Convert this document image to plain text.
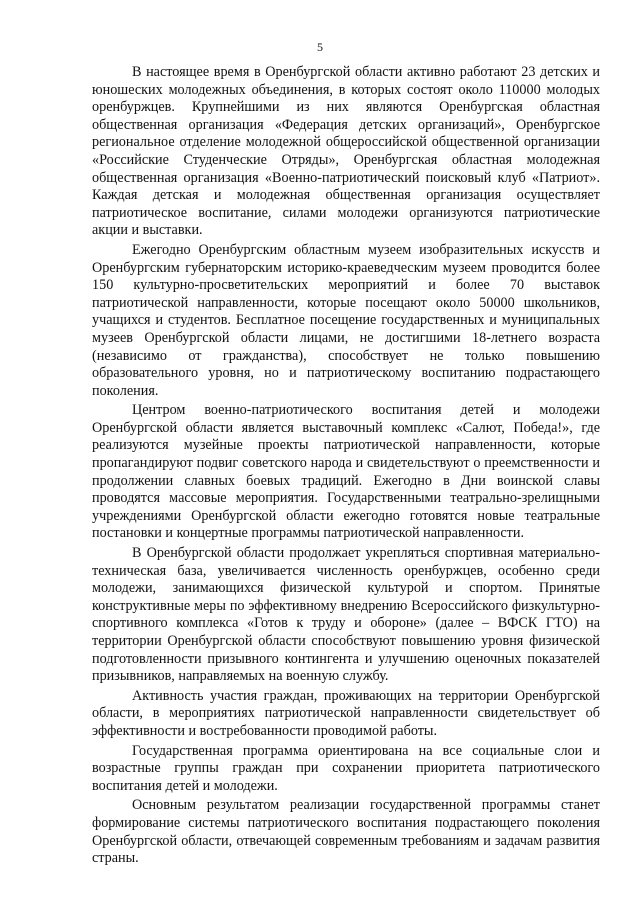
5

В настоящее время в Оренбургской области активно работают 23 детских и юношеских молодежных объединения, в которых состоят около 110000 молодых оренбуржцев. Крупнейшими из них являются Оренбургская областная общественная организация «Федерация детских организаций», Оренбургское региональное отделение молодежной общероссийской общественной организации «Российские Студенческие Отряды», Оренбургская областная молодежная общественная организация «Военно-патриотический поисковый клуб «Патриот». Каждая детская и молодежная общественная организация осуществляет патриотическое воспитание, силами молодежи организуются патриотические акции и выставки.

Ежегодно Оренбургским областным музеем изобразительных искусств и Оренбургским губернаторским историко-краеведческим музеем проводится более 150 культурно-просветительских мероприятий и более 70 выставок патриотической направленности, которые посещают около 50000 школьников, учащихся и студентов. Бесплатное посещение государственных и муниципальных музеев Оренбургской области лицами, не достигшими 18-летнего возраста (независимо от гражданства), способствует не только повышению образовательного уровня, но и патриотическому воспитанию подрастающего поколения.

Центром военно-патриотического воспитания детей и молодежи Оренбургской области является выставочный комплекс «Салют, Победа!», где реализуются музейные проекты патриотической направленности, которые пропагандируют подвиг советского народа и свидетельствуют о преемственности и продолжении славных боевых традиций. Ежегодно в Дни воинской славы проводятся массовые мероприятия. Государственными театрально-зрелищными учреждениями Оренбургской области ежегодно готовятся новые театральные постановки и концертные программы патриотической направленности.

В Оренбургской области продолжает укрепляться спортивная материально-техническая база, увеличивается численность оренбуржцев, особенно среди молодежи, занимающихся физической культурой и спортом. Принятые конструктивные меры по эффективному внедрению Всероссийского физкультурно-спортивного комплекса «Готов к труду и обороне» (далее – ВФСК ГТО) на территории Оренбургской области способствуют повышению уровня физической подготовленности призывного контингента и улучшению оценочных показателей призывников, направляемых на военную службу.

Активность участия граждан, проживающих на территории Оренбургской области, в мероприятиях патриотической направленности свидетельствует об эффективности и востребованности проводимой работы.

Государственная программа ориентирована на все социальные слои и возрастные группы граждан при сохранении приоритета патриотического воспитания детей и молодежи.

Основным результатом реализации государственной программы станет формирование системы патриотического воспитания подрастающего поколения Оренбургской области, отвечающей современным требованиям и задачам развития страны.
